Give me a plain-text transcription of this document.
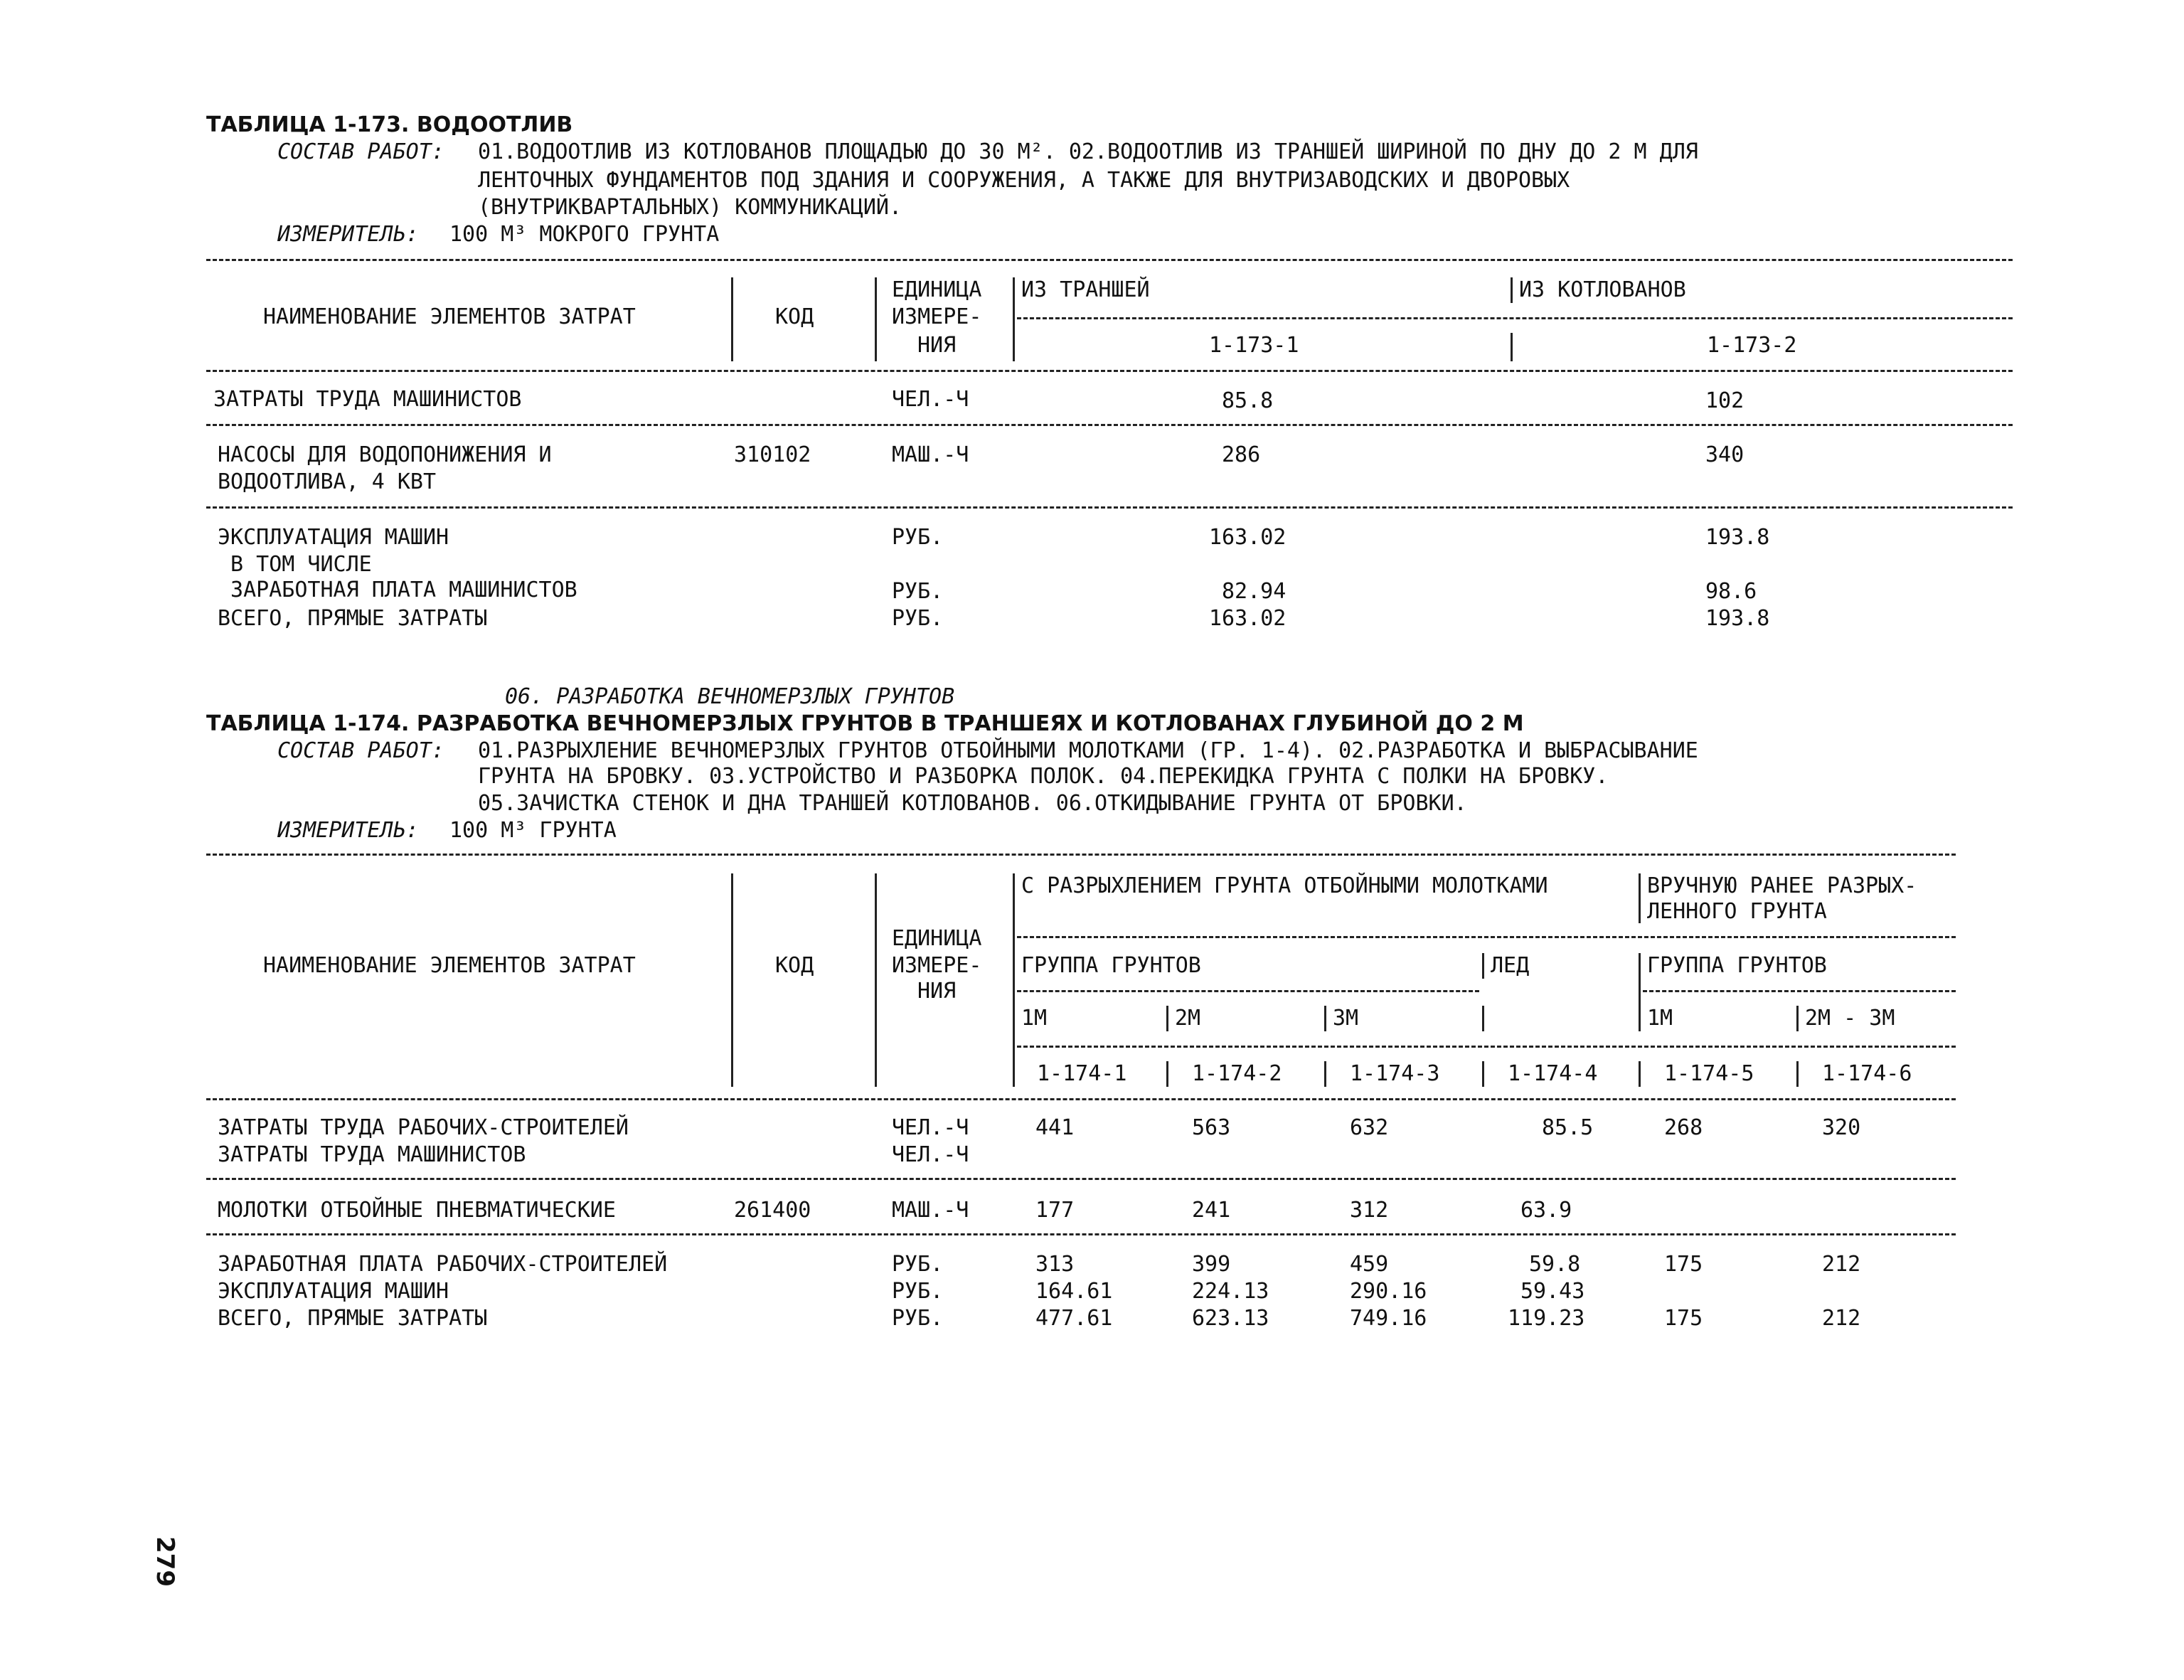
ТАБЛИЦА 1-173. ВОДООТЛИВ
СОСТАВ РАБОТ: 01.ВОДООТЛИВ ИЗ КОТЛОВАНОВ ПЛОЩАДЬЮ ДО 30 М². 02.ВОДООТЛИВ ИЗ ТРАНШЕЙ ШИРИНОЙ ПО ДНУ ДО 2 М ДЛЯ
ЛЕНТОЧНЫХ ФУНДАМЕНТОВ ПОД ЗДАНИЯ И СООРУЖЕНИЯ, А ТАКЖЕ ДЛЯ ВНУТРИЗАВОДСКИХ И ДВОРОВЫХ
(ВНУТРИКВАРТАЛЬНЫХ) КОММУНИКАЦИЙ.
ИЗМЕРИТЕЛЬ: 100 М³ МОКРОГО ГРУНТА
НАИМЕНОВАНИЕ ЭЛЕМЕНТОВ ЗАТРАТ	КОД
ЕДИНИЦА
ИЗМЕРЕ-
НИЯ
ИЗ ТРАНШЕЙ	ИЗ КОТЛОВАНОВ
1-173-1	1-173-2
ЗАТРАТЫ ТРУДА МАШИНИСТОВ	ЧЕЛ.-Ч	85.8	102
НАСОСЫ ДЛЯ ВОДОПОНИЖЕНИЯ И	310102	МАШ.-Ч	286	340
ВОДООТЛИВА, 4 КВТ
ЭКСПЛУАТАЦИЯ МАШИН	РУБ.	163.02	193.8
В ТОМ ЧИСЛЕ
ЗАРАБОТНАЯ ПЛАТА МАШИНИСТОВ	РУБ.	82.94	98.6
ВСЕГО, ПРЯМЫЕ ЗАТРАТЫ	РУБ.	163.02	193.8
06. РАЗРАБОТКА ВЕЧНОМЕРЗЛЫХ ГРУНТОВ
ТАБЛИЦА 1-174. РАЗРАБОТКА ВЕЧНОМЕРЗЛЫХ ГРУНТОВ В ТРАНШЕЯХ И КОТЛОВАНАХ ГЛУБИНОЙ ДО 2 М
СОСТАВ РАБОТ: 01.РАЗРЫХЛЕНИЕ ВЕЧНОМЕРЗЛЫХ ГРУНТОВ ОТБОЙНЫМИ МОЛОТКАМИ (ГР. 1-4). 02.РАЗРАБОТКА И ВЫБРАСЫВАНИЕ
ГРУНТА НА БРОВКУ. 03.УСТРОЙСТВО И РАЗБОРКА ПОЛОК. 04.ПЕРЕКИДКА ГРУНТА С ПОЛКИ НА БРОВКУ.
05.ЗАЧИСТКА СТЕНОК И ДНА ТРАНШЕЙ КОТЛОВАНОВ. 06.ОТКИДЫВАНИЕ ГРУНТА ОТ БРОВКИ.
ИЗМЕРИТЕЛЬ: 100 М³ ГРУНТА
НАИМЕНОВАНИЕ ЭЛЕМЕНТОВ ЗАТРАТ	КОД
ЕДИНИЦА
ИЗМЕРЕ-
НИЯ
С РАЗРЫХЛЕНИЕМ ГРУНТА ОТБОЙНЫМИ МОЛОТКАМИ	ВРУЧНУЮ РАНЕЕ РАЗРЫХ-
ЛЕННОГО ГРУНТА
ГРУППА ГРУНТОВ	ЛЕД	ГРУППА ГРУНТОВ
1М	2М	3М	1М	2М - 3М
1-174-1	1-174-2	1-174-3	1-174-4	1-174-5	1-174-6
ЗАТРАТЫ ТРУДА РАБОЧИХ-СТРОИТЕЛЕЙ	ЧЕЛ.-Ч	441	563	632	85.5	268	320
ЗАТРАТЫ ТРУДА МАШИНИСТОВ	ЧЕЛ.-Ч
МОЛОТКИ ОТБОЙНЫЕ ПНЕВМАТИЧЕСКИЕ	261400	МАШ.-Ч	177	241	312	63.9
ЗАРАБОТНАЯ ПЛАТА РАБОЧИХ-СТРОИТЕЛЕЙ	РУБ.	313	399	459	59.8	175	212
ЭКСПЛУАТАЦИЯ МАШИН	РУБ.	164.61	224.13	290.16	59.43
ВСЕГО, ПРЯМЫЕ ЗАТРАТЫ	РУБ.	477.61	623.13	749.16	119.23	175	212
279
